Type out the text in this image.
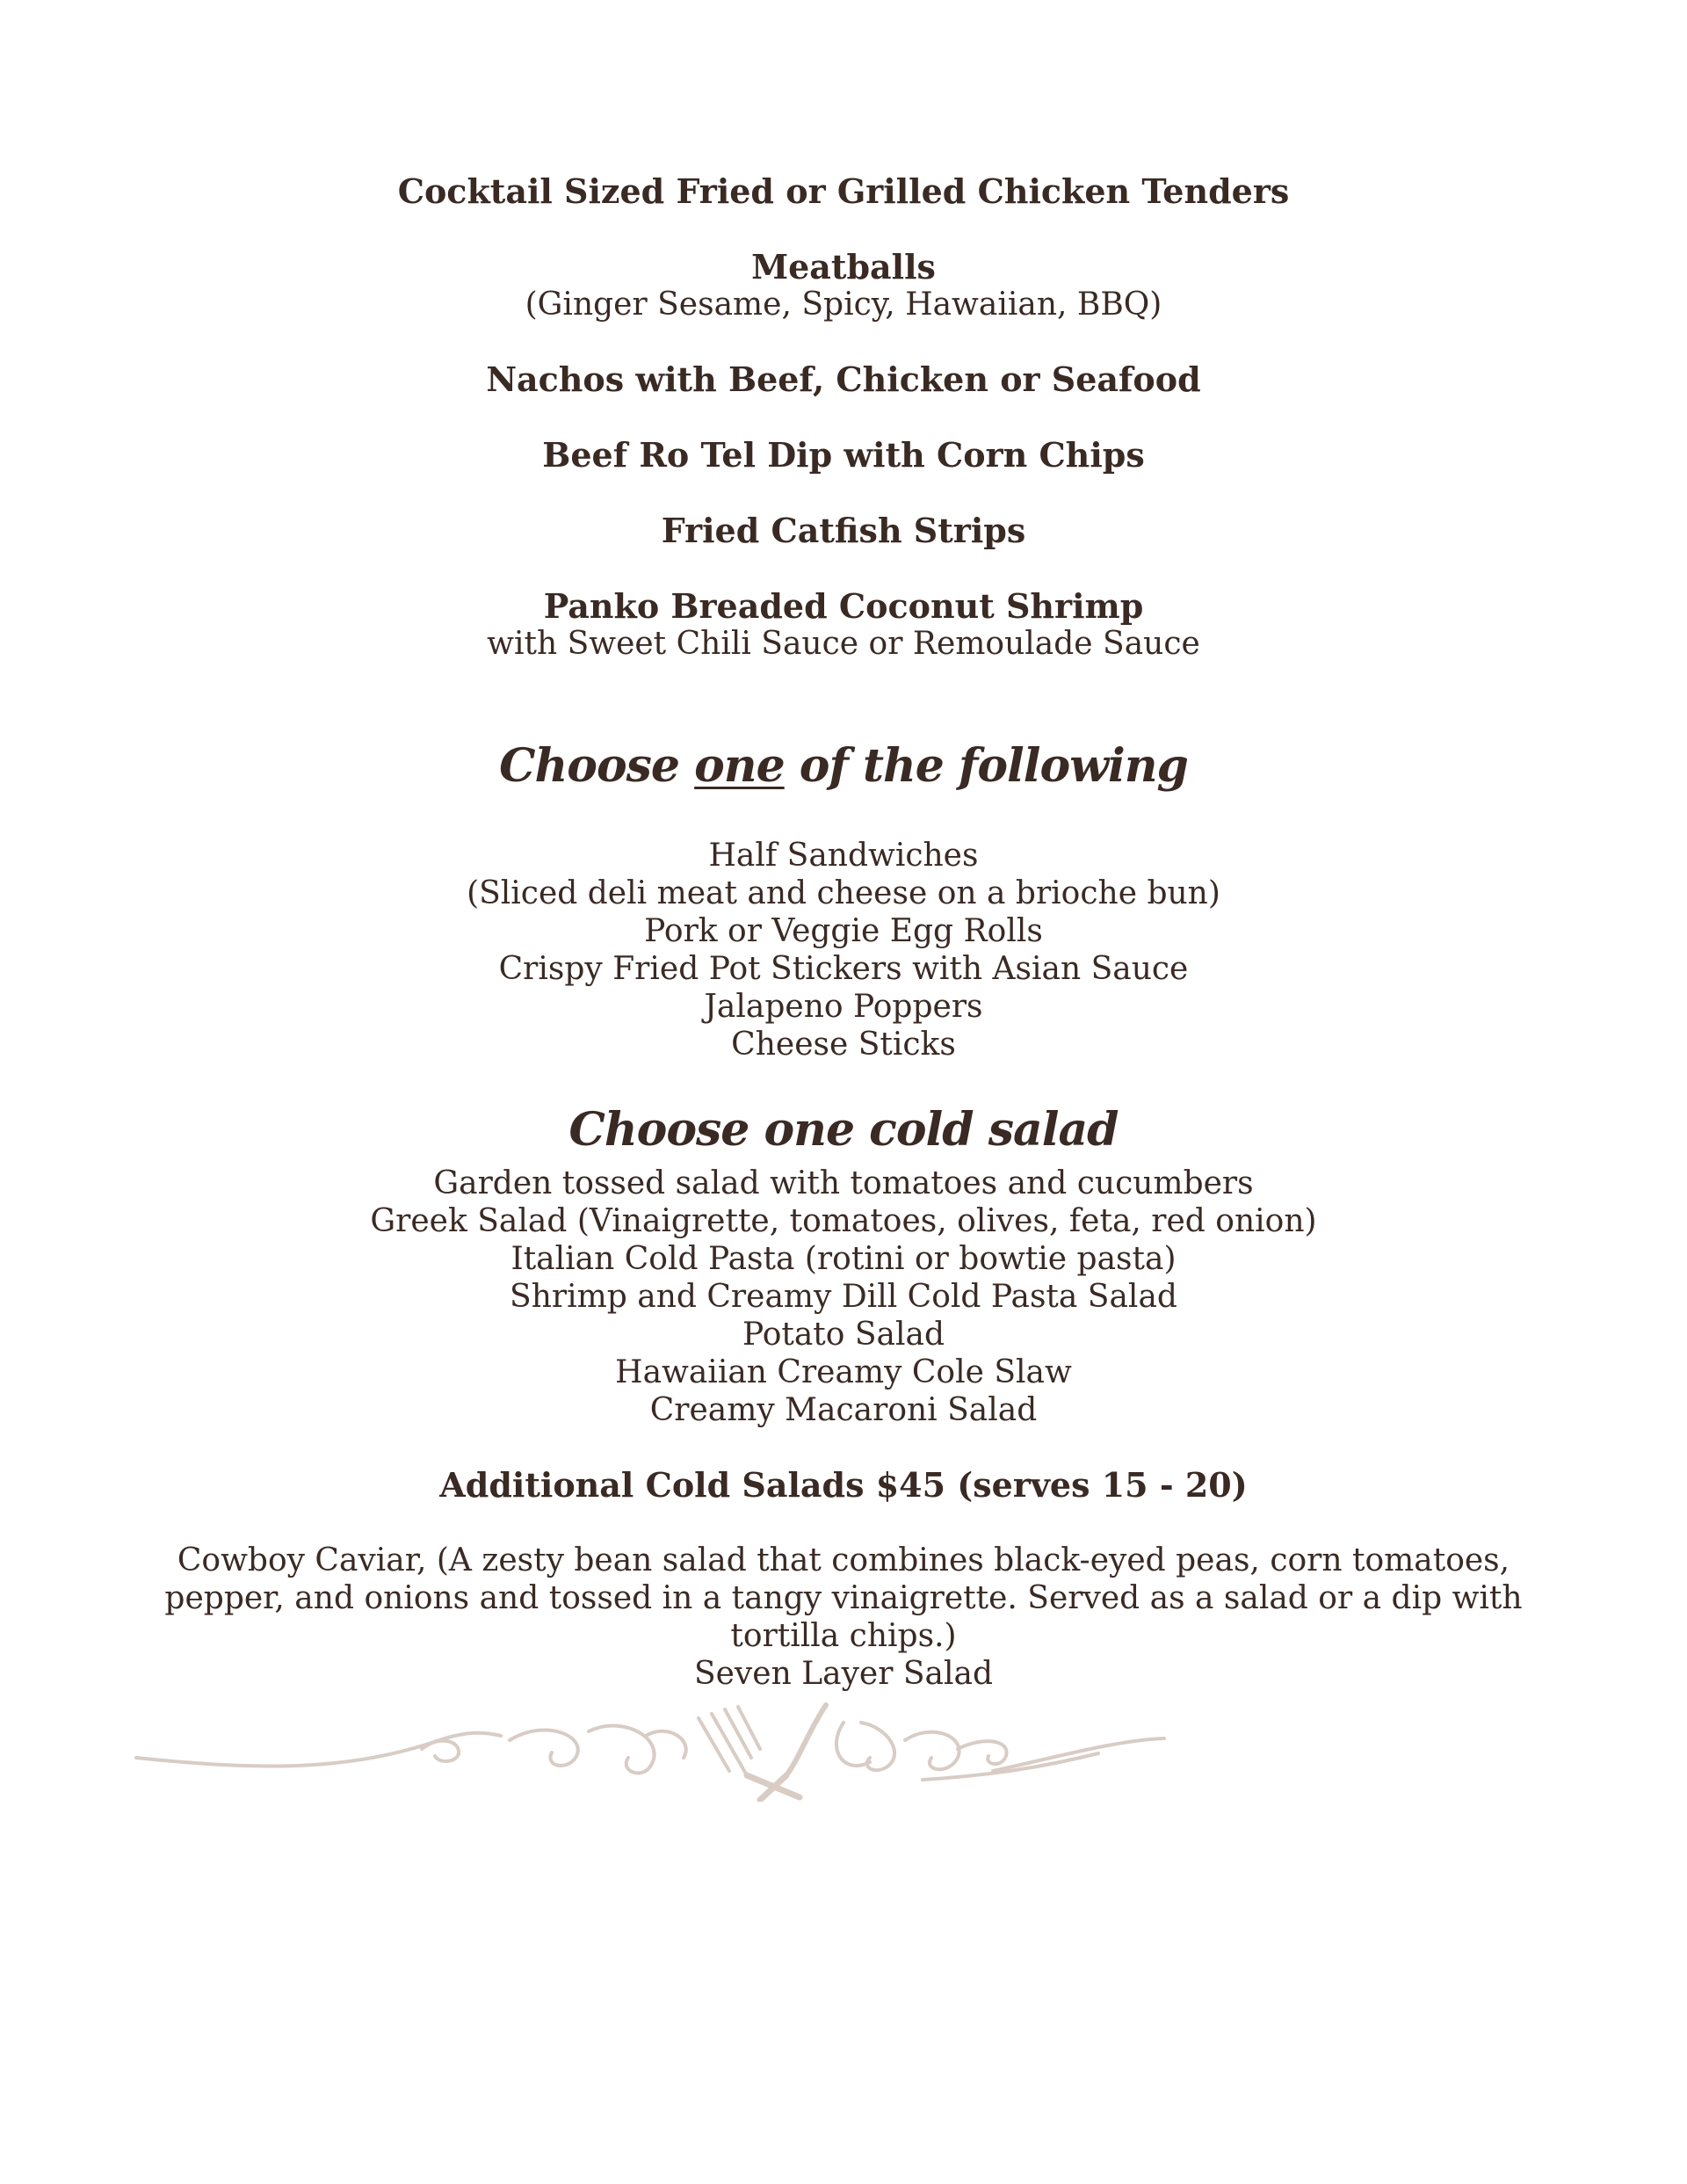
Cocktail Sized Fried or Grilled Chicken Tenders
Meatballs
(Ginger Sesame, Spicy, Hawaiian, BBQ)
Nachos with Beef, Chicken or Seafood
Beef Ro Tel Dip with Corn Chips
Fried Catfish Strips
Panko Breaded Coconut Shrimp
with Sweet Chili Sauce or Remoulade Sauce
Choose one of the following
Half Sandwiches
(Sliced deli meat and cheese on a brioche bun)
Pork or Veggie Egg Rolls
Crispy Fried Pot Stickers with Asian Sauce
Jalapeno Poppers
Cheese Sticks
Choose one cold salad
Garden tossed salad with tomatoes and cucumbers
Greek Salad (Vinaigrette, tomatoes, olives, feta, red onion)
Italian Cold Pasta (rotini or bowtie pasta)
Shrimp and Creamy Dill Cold Pasta Salad
Potato Salad
Hawaiian Creamy Cole Slaw
Creamy Macaroni Salad
Additional Cold Salads $45 (serves 15 - 20)
Cowboy Caviar, (A zesty bean salad that combines black-eyed peas, corn tomatoes, pepper, and onions and tossed in a tangy vinaigrette. Served as a salad or a dip with tortilla chips.)
Seven Layer Salad
